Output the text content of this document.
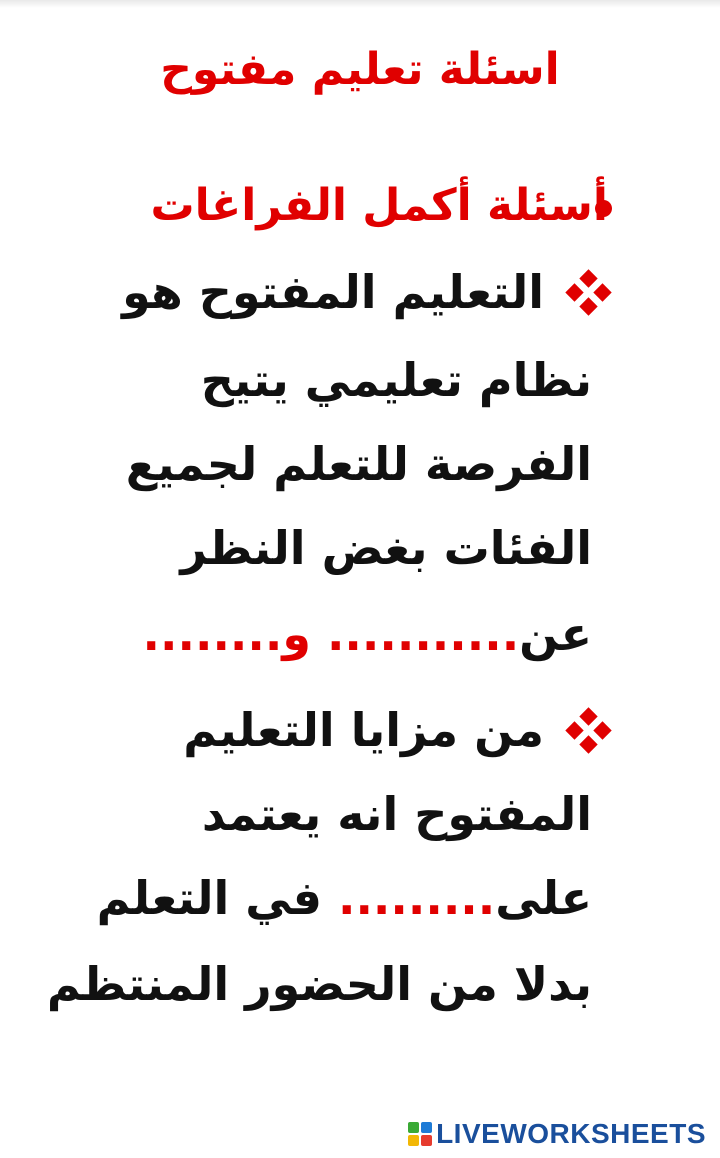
اسئلة تعليم مفتوح
أسئلة أكمل الفراغات
التعليم المفتوح هو
نظام تعليمي يتيح
الفرصة للتعلم لجميع
الفئات بغض النظر
عن........... و........
من مزايا التعليم
المفتوح انه يعتمد
على......... في التعلم
بدلا من الحضور المنتظم
LIVEWORKSHEETS
